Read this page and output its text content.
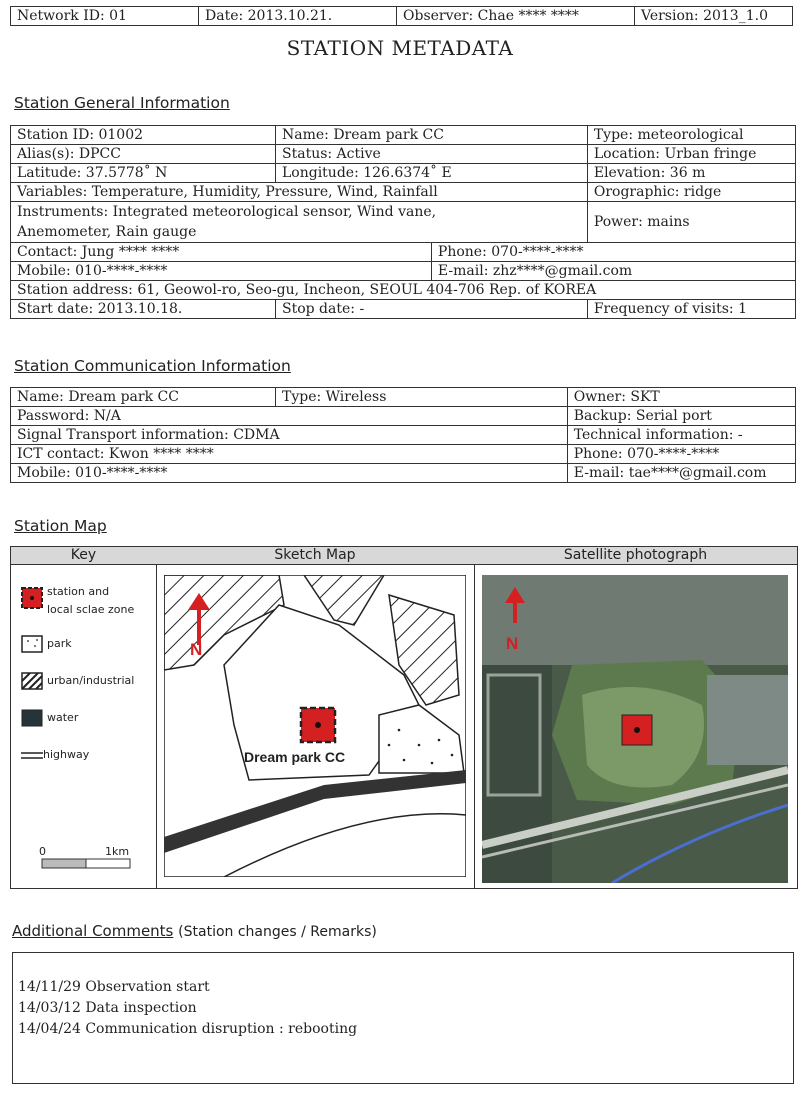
Network ID: 01	Date: 2013.10.21.	Observer: Chae **** ****	Version: 2013_1.0
STATION METADATA
Station General Information
Station ID: 01002	Name: Dream park CC		Type: meteorological
Alias(s): DPCC	Status: Active		Location: Urban fringe
Latitude: 37.5778˚ N	Longitude: 126.6374˚ E		Elevation: 36 m
Variables: Temperature, Humidity, Pressure, Wind, Rainfall			Orographic: ridge

Instruments: Integrated meteorological sensor, Wind vane,
Anemometer, Rain gauge			Power: mains
Contact: Jung **** ****		Phone: 070-****-****	
Mobile: 010-****-****		E-mail: zhz****@gmail.com	
Station address: 61, Geowol-ro, Seo-gu, Incheon, SEOUL 404-706 Rep. of KOREA			
Start date: 2013.10.18.	Stop date: -		Frequency of visits: 1
Station Communication Information
Name: Dream park CC	Type: Wireless	Owner: SKT
Password: N/A		Backup: Serial port
Signal Transport information: CDMA		Technical information: -
ICT contact: Kwon **** ****		Phone: 070-****-****
Mobile: 010-****-****		E-mail: tae****@gmail.com
Station Map
Key
station and
local sclae zone
park
urban/industrial
water
highway
0	1km
Sketch Map
N
Dream park CC
Satellite photograph
N
Additional Comments (Station changes / Remarks)
14/11/29 Observation start
14/03/12 Data inspection
14/04/24 Communication disruption : rebooting
